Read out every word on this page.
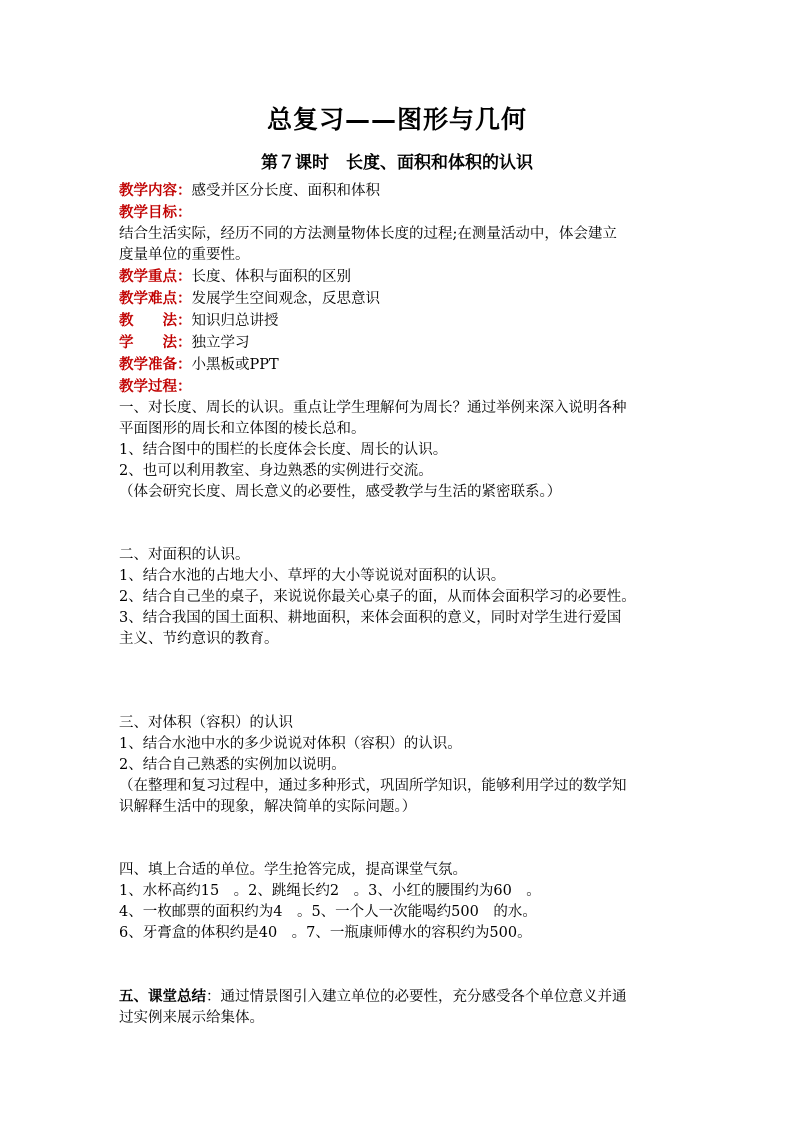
总复习——图形与几何
第７课时　长度、面积和体积的认识
教学内容：感受并区分长度、面积和体积
教学目标：
结合生活实际，经历不同的方法测量物体长度的过程;在测量活动中，体会建立
度量单位的重要性。
教学重点：长度、体积与面积的区别
教学难点：发展学生空间观念，反思意识
教　　法：知识归总讲授
学　　法：独立学习
教学准备：小黑板或PPT
教学过程：
一、对长度、周长的认识。重点让学生理解何为周长？通过举例来深入说明各种
平面图形的周长和立体图的棱长总和。
1、结合图中的围栏的长度体会长度、周长的认识。
2、也可以利用教室、身边熟悉的实例进行交流。
（体会研究长度、周长意义的必要性，感受教学与生活的紧密联系。）
二、对面积的认识。
1、结合水池的占地大小、草坪的大小等说说对面积的认识。
2、结合自己坐的桌子，来说说你最关心桌子的面，从而体会面积学习的必要性。
3、结合我国的国土面积、耕地面积，来体会面积的意义，同时对学生进行爱国
主义、节约意识的教育。
三、对体积（容积）的认识
1、结合水池中水的多少说说对体积（容积）的认识。
2、结合自己熟悉的实例加以说明。
（在整理和复习过程中，通过多种形式，巩固所学知识，能够利用学过的数学知
识解释生活中的现象，解决简单的实际问题。）
四、填上合适的单位。学生抢答完成，提高课堂气氛。
1、水杯高约15　。2、跳绳长约2　。3、小红的腰围约为60　。
4、一枚邮票的面积约为4　。5、一个人一次能喝约500　的水。
6、牙膏盒的体积约是40　。7、一瓶康师傅水的容积约为500。
五、课堂总结：通过情景图引入建立单位的必要性，充分感受各个单位意义并通
过实例来展示给集体。
